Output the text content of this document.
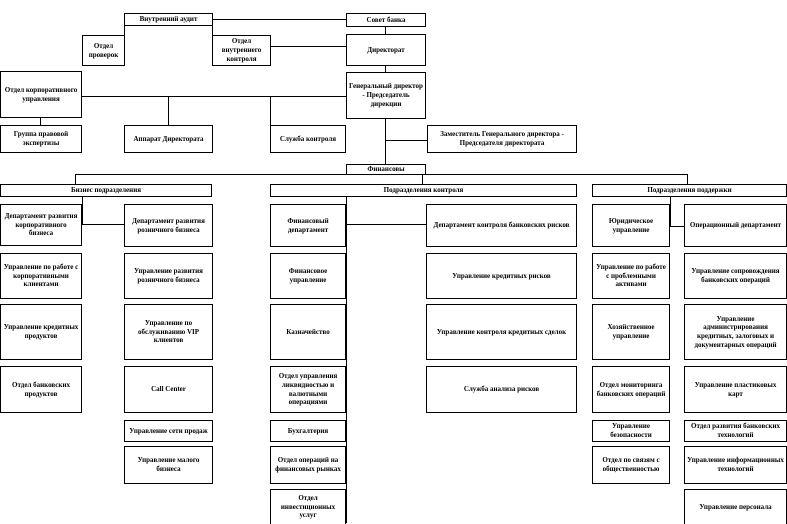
Внутренний аудит	Совет банка
Отдел проверок
Отдел внутреннего контроля
Директорат
Отдел корпоративного управления
Генеральный директор - Председатель дирекции
Группа правовой экспертизы
Аппарат Директората	Служба контроля
Заместитель Генерального директора - Председателя директората
Финансовы
Бизнес подразделения	Подразделения контроля	Подразделения поддержки
Департамент развития корпоративного бизнеса
Управление по работе с корпоративными клиентами
Управление кредитных продуктов
Отдел банковских продуктов
Департамент развития розничного бизнеса
Управление развития розничного бизнеса
Управление по обслуживанию VIP клиентов
Call Center
Управление сети продаж
Управление малого бизнеса
Финансовый департамент
Финансовое управление
Казначейство
Отдел управления ликвидностью и валютными операциями
Бухгалтерия
Отдел операций на финансовых рынках
Отдел инвестиционных услуг
Департамент контроля банковских рисков
Управление кредитных рисков
Управление контроля кредитных сделок
Служба анализа рисков
Юридическое управление
Управление по работе с проблемными активами
Хозяйственное управление
Отдел мониторинга банковских операций
Управление безопасности
Отдел по связям с общественностью
Операционный департамент
Управление сопровождения банковских операций
Управление администрирования кредитных, залоговых и документарных операций
Управление пластиковых карт
Отдел развития банковских технологий
Управление информационных технологий
Управление персонала
